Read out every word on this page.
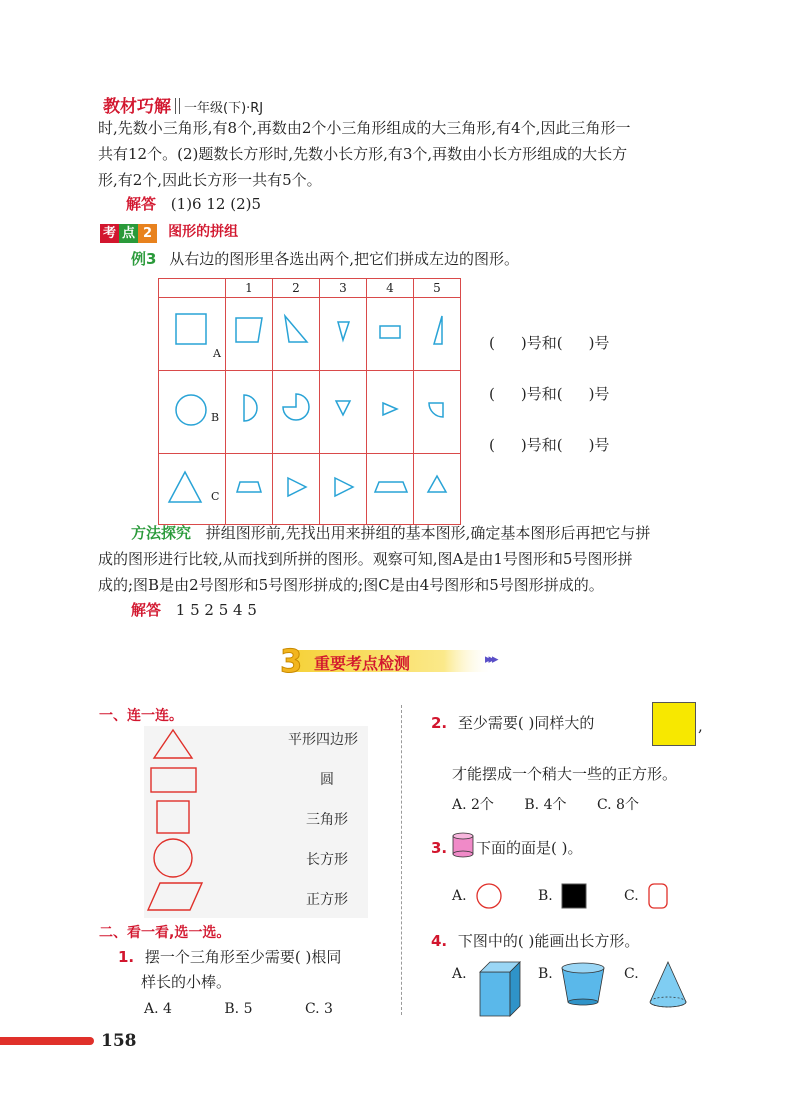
教材巧解 一年级(下)·RJ
时,先数小三角形,有8个,再数由2个小三角形组成的大三角形,有4个,因此三角形一
共有12个。(2)题数长方形时,先数小长方形,有3个,再数由小长方形组成的大长方
形,有2个,因此长方形一共有5个。
解答 (1)6 12 (2)5
考 点 2 图形的拼组
例3 从右边的图形里各选出两个,把它们拼成左边的图形。
	1	2	3	4	5

A

B

C

( )号和( )号
( )号和( )号
( )号和( )号
方法探究 拼组图形前,先找出用来拼组的基本图形,确定基本图形后再把它与拼
成的图形进行比较,从而找到所拼的图形。观察可知,图A是由1号图形和5号图形拼
成的;图B是由2号图形和5号图形拼成的;图C是由4号图形和5号图形拼成的。
解答 1 5 2 5 4 5
3 重要考点检测	▸▸▸
一、连一连。
平形四边形
圆
三角形
长方形
正方形
二、看一看,选一选。
1. 摆一个三角形至少需要( )根同
样长的小棒。
A. 4	B. 5	C. 3
2. 至少需要( )同样大的	,
才能摆成一个稍大一些的正方形。
A. 2个 B. 4个 C. 8个
3. 下面的面是( )。
A.	B.	C.
4. 下图中的( )能画出长方形。
A.	B.	C.
158
